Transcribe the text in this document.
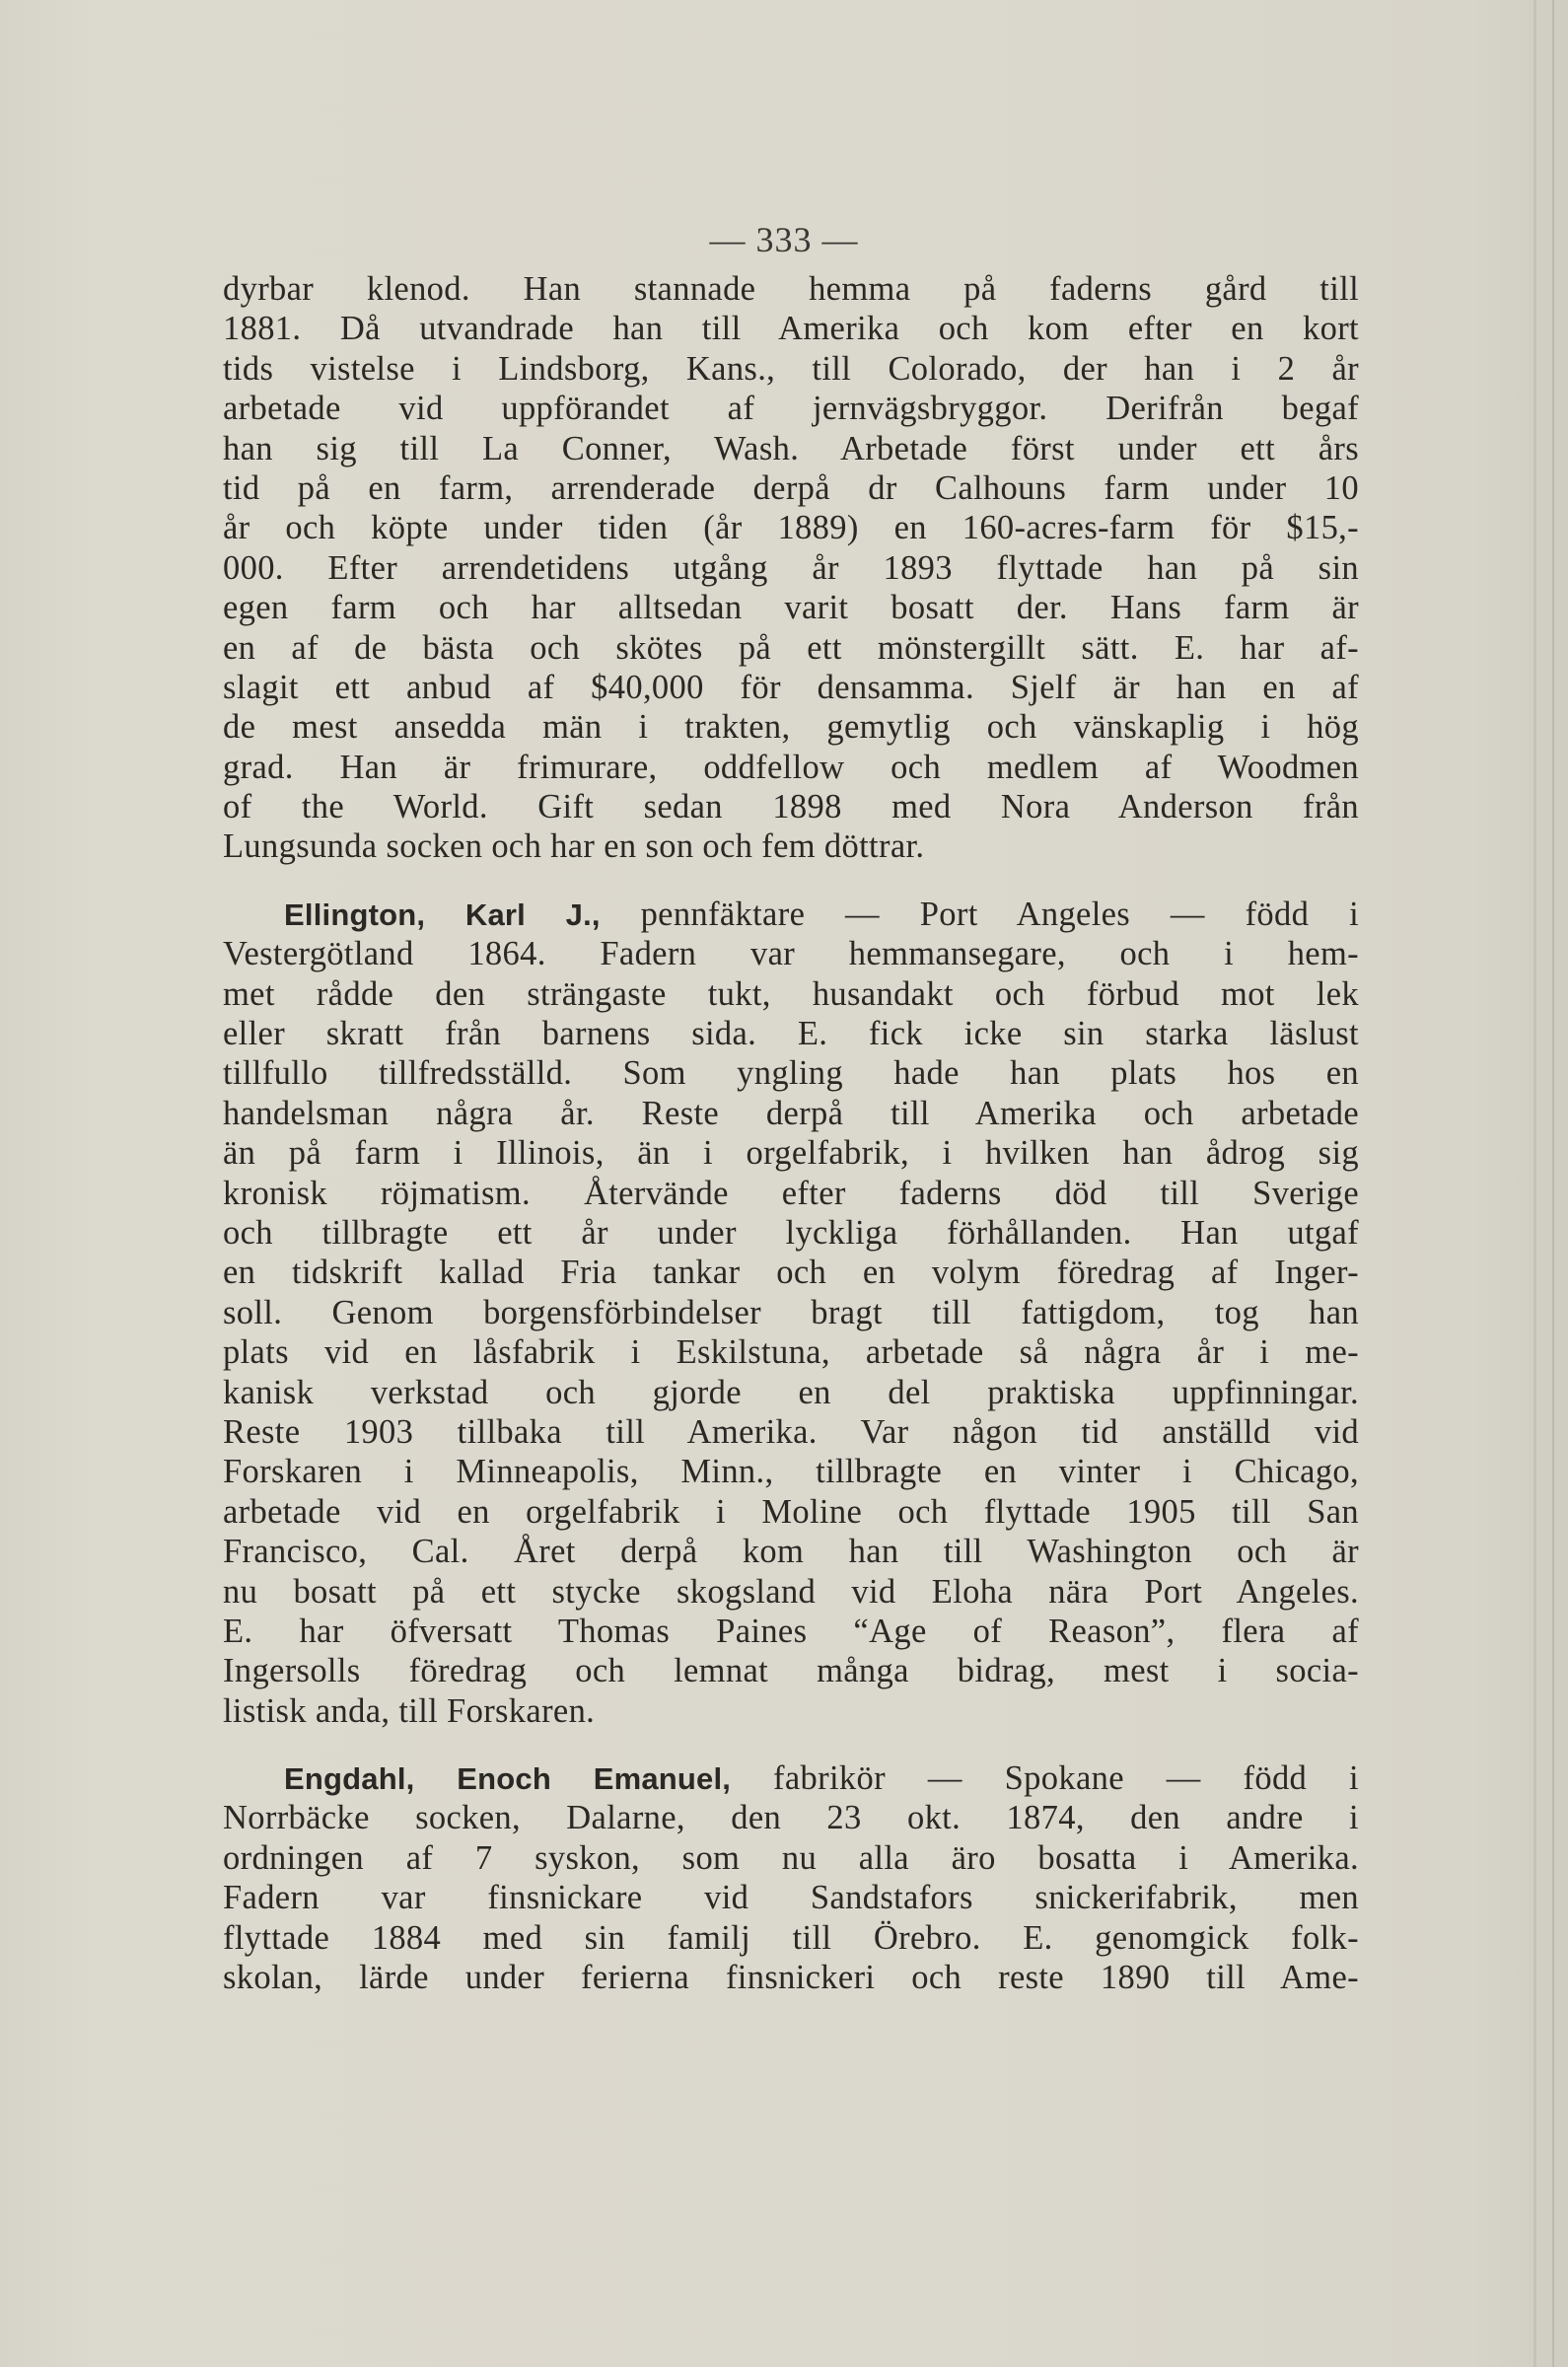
— 333 —
dyrbar klenod. Han stannade hemma på faderns gård till
1881. Då utvandrade han till Amerika och kom efter en kort
tids vistelse i Lindsborg, Kans., till Colorado, der han i 2 år
arbetade vid uppförandet af jernvägsbryggor. Derifrån begaf
han sig till La Conner, Wash. Arbetade först under ett års
tid på en farm, arrenderade derpå dr Calhouns farm under 10
år och köpte under tiden (år 1889) en 160-acres-farm för $15,-
000. Efter arrendetidens utgång år 1893 flyttade han på sin
egen farm och har alltsedan varit bosatt der. Hans farm är
en af de bästa och skötes på ett mönstergillt sätt. E. har af-
slagit ett anbud af $40,000 för densamma. Sjelf är han en af
de mest ansedda män i trakten, gemytlig och vänskaplig i hög
grad. Han är frimurare, oddfellow och medlem af Woodmen
of the World. Gift sedan 1898 med Nora Anderson från
Lungsunda socken och har en son och fem döttrar.
Ellington, Karl J., pennfäktare — Port Angeles — född i
Vestergötland 1864. Fadern var hemmansegare, och i hem-
met rådde den strängaste tukt, husandakt och förbud mot lek
eller skratt från barnens sida. E. fick icke sin starka läslust
tillfullo tillfredsställd. Som yngling hade han plats hos en
handelsman några år. Reste derpå till Amerika och arbetade
än på farm i Illinois, än i orgelfabrik, i hvilken han ådrog sig
kronisk röjmatism. Återvände efter faderns död till Sverige
och tillbragte ett år under lyckliga förhållanden. Han utgaf
en tidskrift kallad Fria tankar och en volym föredrag af Inger-
soll. Genom borgensförbindelser bragt till fattigdom, tog han
plats vid en låsfabrik i Eskilstuna, arbetade så några år i me-
kanisk verkstad och gjorde en del praktiska uppfinningar.
Reste 1903 tillbaka till Amerika. Var någon tid anställd vid
Forskaren i Minneapolis, Minn., tillbragte en vinter i Chicago,
arbetade vid en orgelfabrik i Moline och flyttade 1905 till San
Francisco, Cal. Året derpå kom han till Washington och är
nu bosatt på ett stycke skogsland vid Eloha nära Port Angeles.
E. har öfversatt Thomas Paines “Age of Reason”, flera af
Ingersolls föredrag och lemnat många bidrag, mest i socia-
listisk anda, till Forskaren.
Engdahl, Enoch Emanuel, fabrikör — Spokane — född i
Norrbäcke socken, Dalarne, den 23 okt. 1874, den andre i
ordningen af 7 syskon, som nu alla äro bosatta i Amerika.
Fadern var finsnickare vid Sandstafors snickerifabrik, men
flyttade 1884 med sin familj till Örebro. E. genomgick folk-
skolan, lärde under ferierna finsnickeri och reste 1890 till Ame-
